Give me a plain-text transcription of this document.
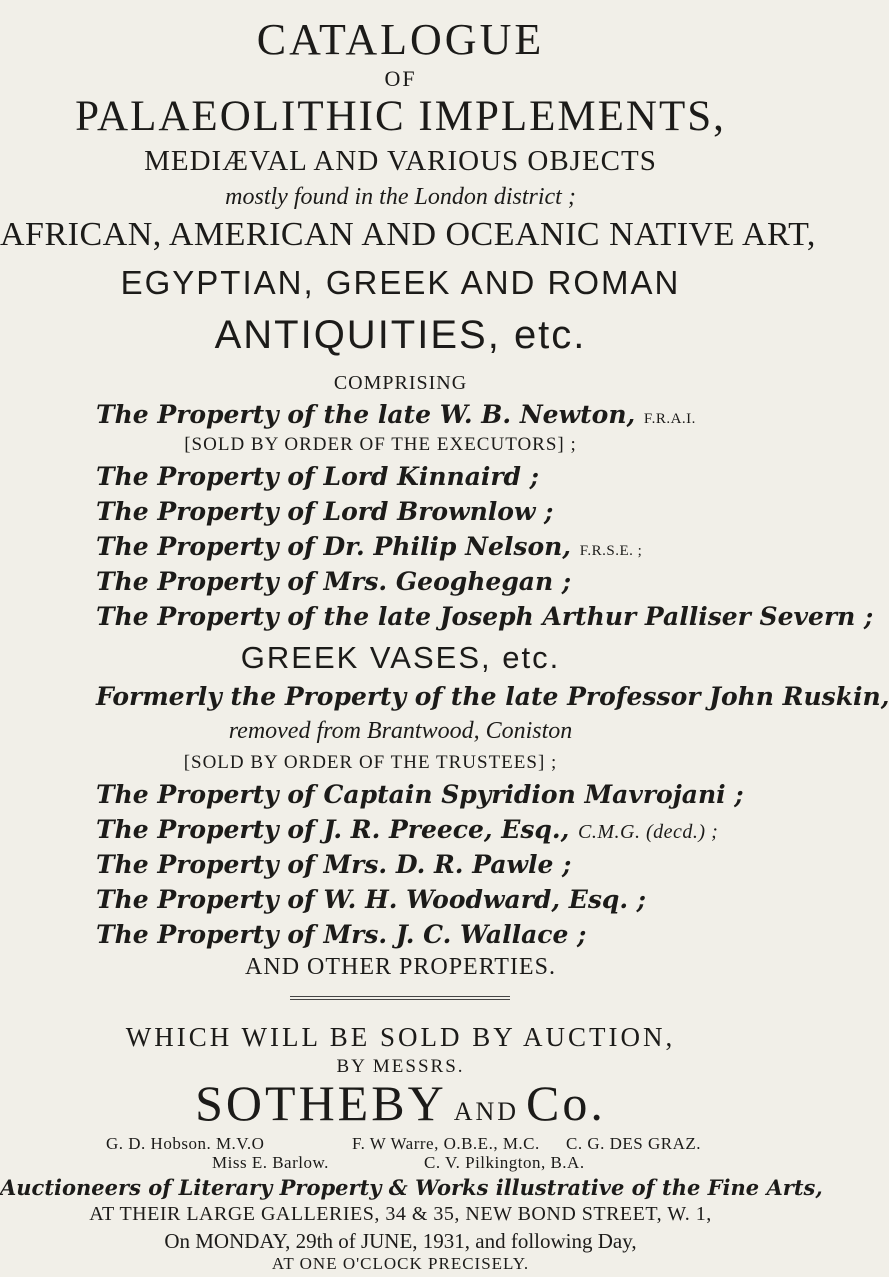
CATALOGUE
OF
PALAEOLITHIC IMPLEMENTS,
MEDIÆVAL AND VARIOUS OBJECTS
mostly found in the London district ;
AFRICAN, AMERICAN AND OCEANIC NATIVE ART,
EGYPTIAN, GREEK AND ROMAN
ANTIQUITIES, etc.
COMPRISING
The Property of the late W. B. Newton, F.R.A.I.
[SOLD BY ORDER OF THE EXECUTORS] ;
The Property of Lord Kinnaird ;
The Property of Lord Brownlow ;
The Property of Dr. Philip Nelson, F.R.S.E. ;
The Property of Mrs. Geoghegan ;
The Property of the late Joseph Arthur Palliser Severn ;
GREEK VASES, etc.
Formerly the Property of the late Professor John Ruskin,
removed from Brantwood, Coniston
[SOLD BY ORDER OF THE TRUSTEES] ;
The Property of Captain Spyridion Mavrojani ;
The Property of J. R. Preece, Esq., C.M.G. (decd.) ;
The Property of Mrs. D. R. Pawle ;
The Property of W. H. Woodward, Esq. ;
The Property of Mrs. J. C. Wallace ;
AND OTHER PROPERTIES.
WHICH WILL BE SOLD BY AUCTION,
BY MESSRS.
SOTHEBY AND Co.
G. D. Hobson. M.V.O	F. W Warre, O.B.E., M.C. C. G. DES GRAZ.
Miss E. Barlow.	C. V. Pilkington, B.A.
Auctioneers of Literary Property & Works illustrative of the Fine Arts,
AT THEIR LARGE GALLERIES, 34 & 35, NEW BOND STREET, W. 1,
On MONDAY, 29th of JUNE, 1931, and following Day,
AT ONE O'CLOCK PRECISELY.
